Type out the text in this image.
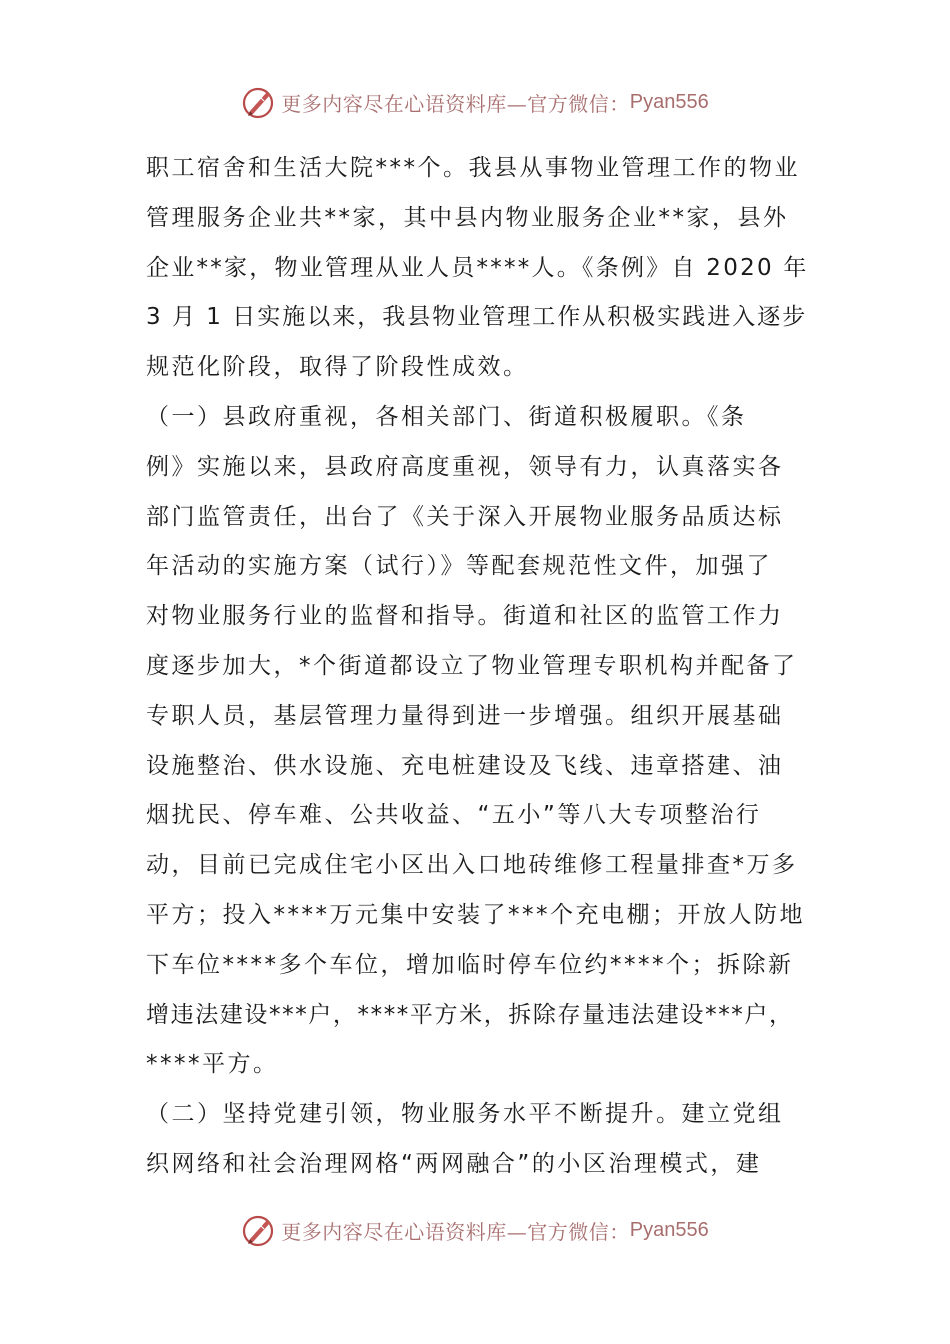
更多内容尽在心语资料库— 官方微信： Pyan556
职工宿舍和生活大院***个。我县从事物业管理工作的物业
管理服务企业共**家，其中县内物业服务企业**家，县外
企业**家，物业管理从业人员****人。《条例》自 2020 年
3 月 1 日实施以来，我县物业管理工作从积极实践进入逐步
规范化阶段，取得了阶段性成效。
（一）县政府重视，各相关部门、街道积极履职。《条
例》实施以来，县政府高度重视，领导有力，认真落实各
部门监管责任，出台了《关于深入开展物业服务品质达标
年活动的实施方案（试行）》等配套规范性文件，加强了
对物业服务行业的监督和指导。街道和社区的监管工作力
度逐步加大，*个街道都设立了物业管理专职机构并配备了
专职人员，基层管理力量得到进一步增强。组织开展基础
设施整治、供水设施、充电桩建设及飞线、违章搭建、油
烟扰民、停车难、公共收益、“五小”等八大专项整治行
动，目前已完成住宅小区出入口地砖维修工程量排查*万多
平方；投入****万元集中安装了***个充电棚；开放人防地
下车位****多个车位，增加临时停车位约****个；拆除新
增违法建设***户，****平方米，拆除存量违法建设***户，
****平方。
（二）坚持党建引领，物业服务水平不断提升。建立党组
织网络和社会治理网格“两网融合”的小区治理模式，建
更多内容尽在心语资料库— 官方微信： Pyan556
